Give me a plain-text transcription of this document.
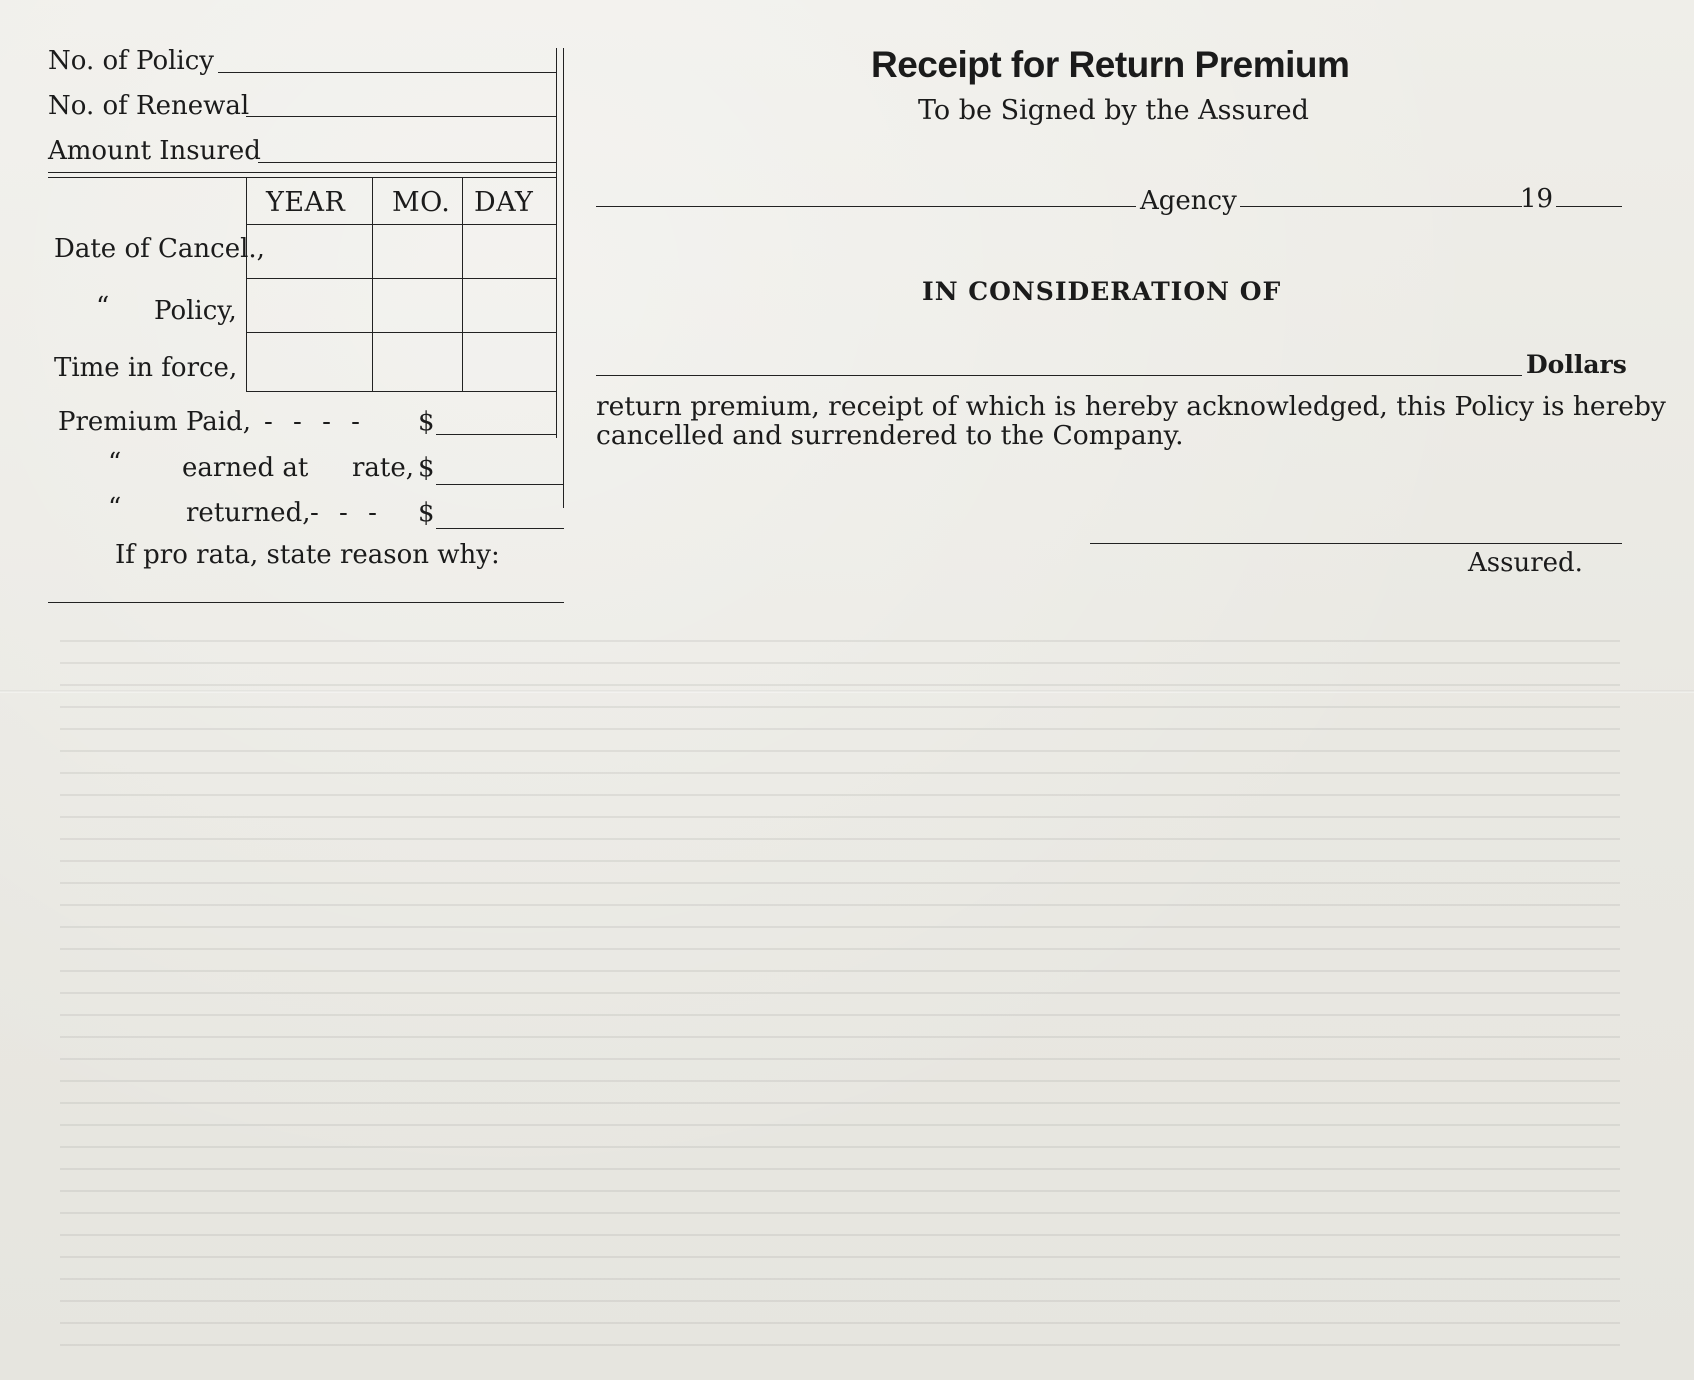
No. of Policy
No. of Renewal
Amount Insured
YEAR MO. DAY
Date of Cancel.,
“ Policy,
Time in force,
Premium Paid, - - - - $
“ earned at rate, $
“ returned, - - - $
If pro rata, state reason why:
Receipt for Return Premium
To be Signed by the Assured
Agency	19
IN CONSIDERATION OF
Dollars
return premium, receipt of which is hereby acknowledged, this Policy is hereby
cancelled and surrendered to the Company.
Assured.
